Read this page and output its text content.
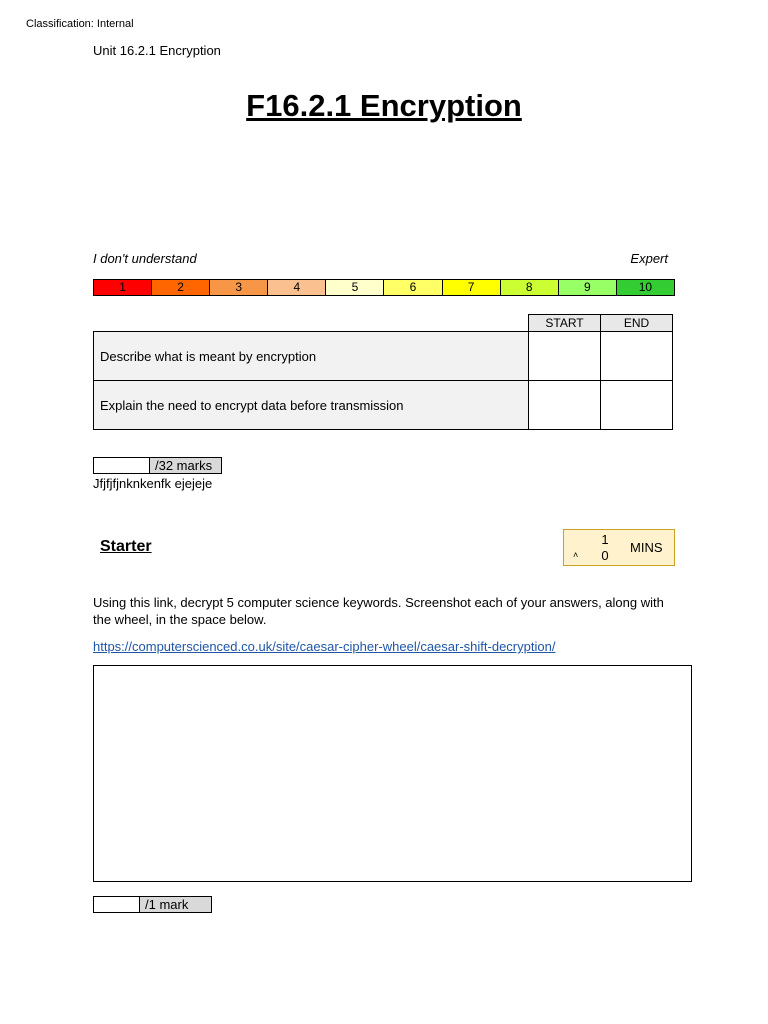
Classification: Internal
Unit 16.2.1 Encryption
F16.2.1 Encryption
I don't understand	Expert
1	2	3	4	5	6	7	8	9	10
	START	END
Describe what is meant by encryption		
Explain the need to encrypt data before transmission		
/32 marks
Jfjfjfjnknkenfk ejejeje
Starter	˄
1
0
MINS
Using this link, decrypt 5 computer science keywords. Screenshot each of your answers, along with the wheel, in the space below.
https://computerscienced.co.uk/site/caesar-cipher-wheel/caesar-shift-decryption/
/1 mark
